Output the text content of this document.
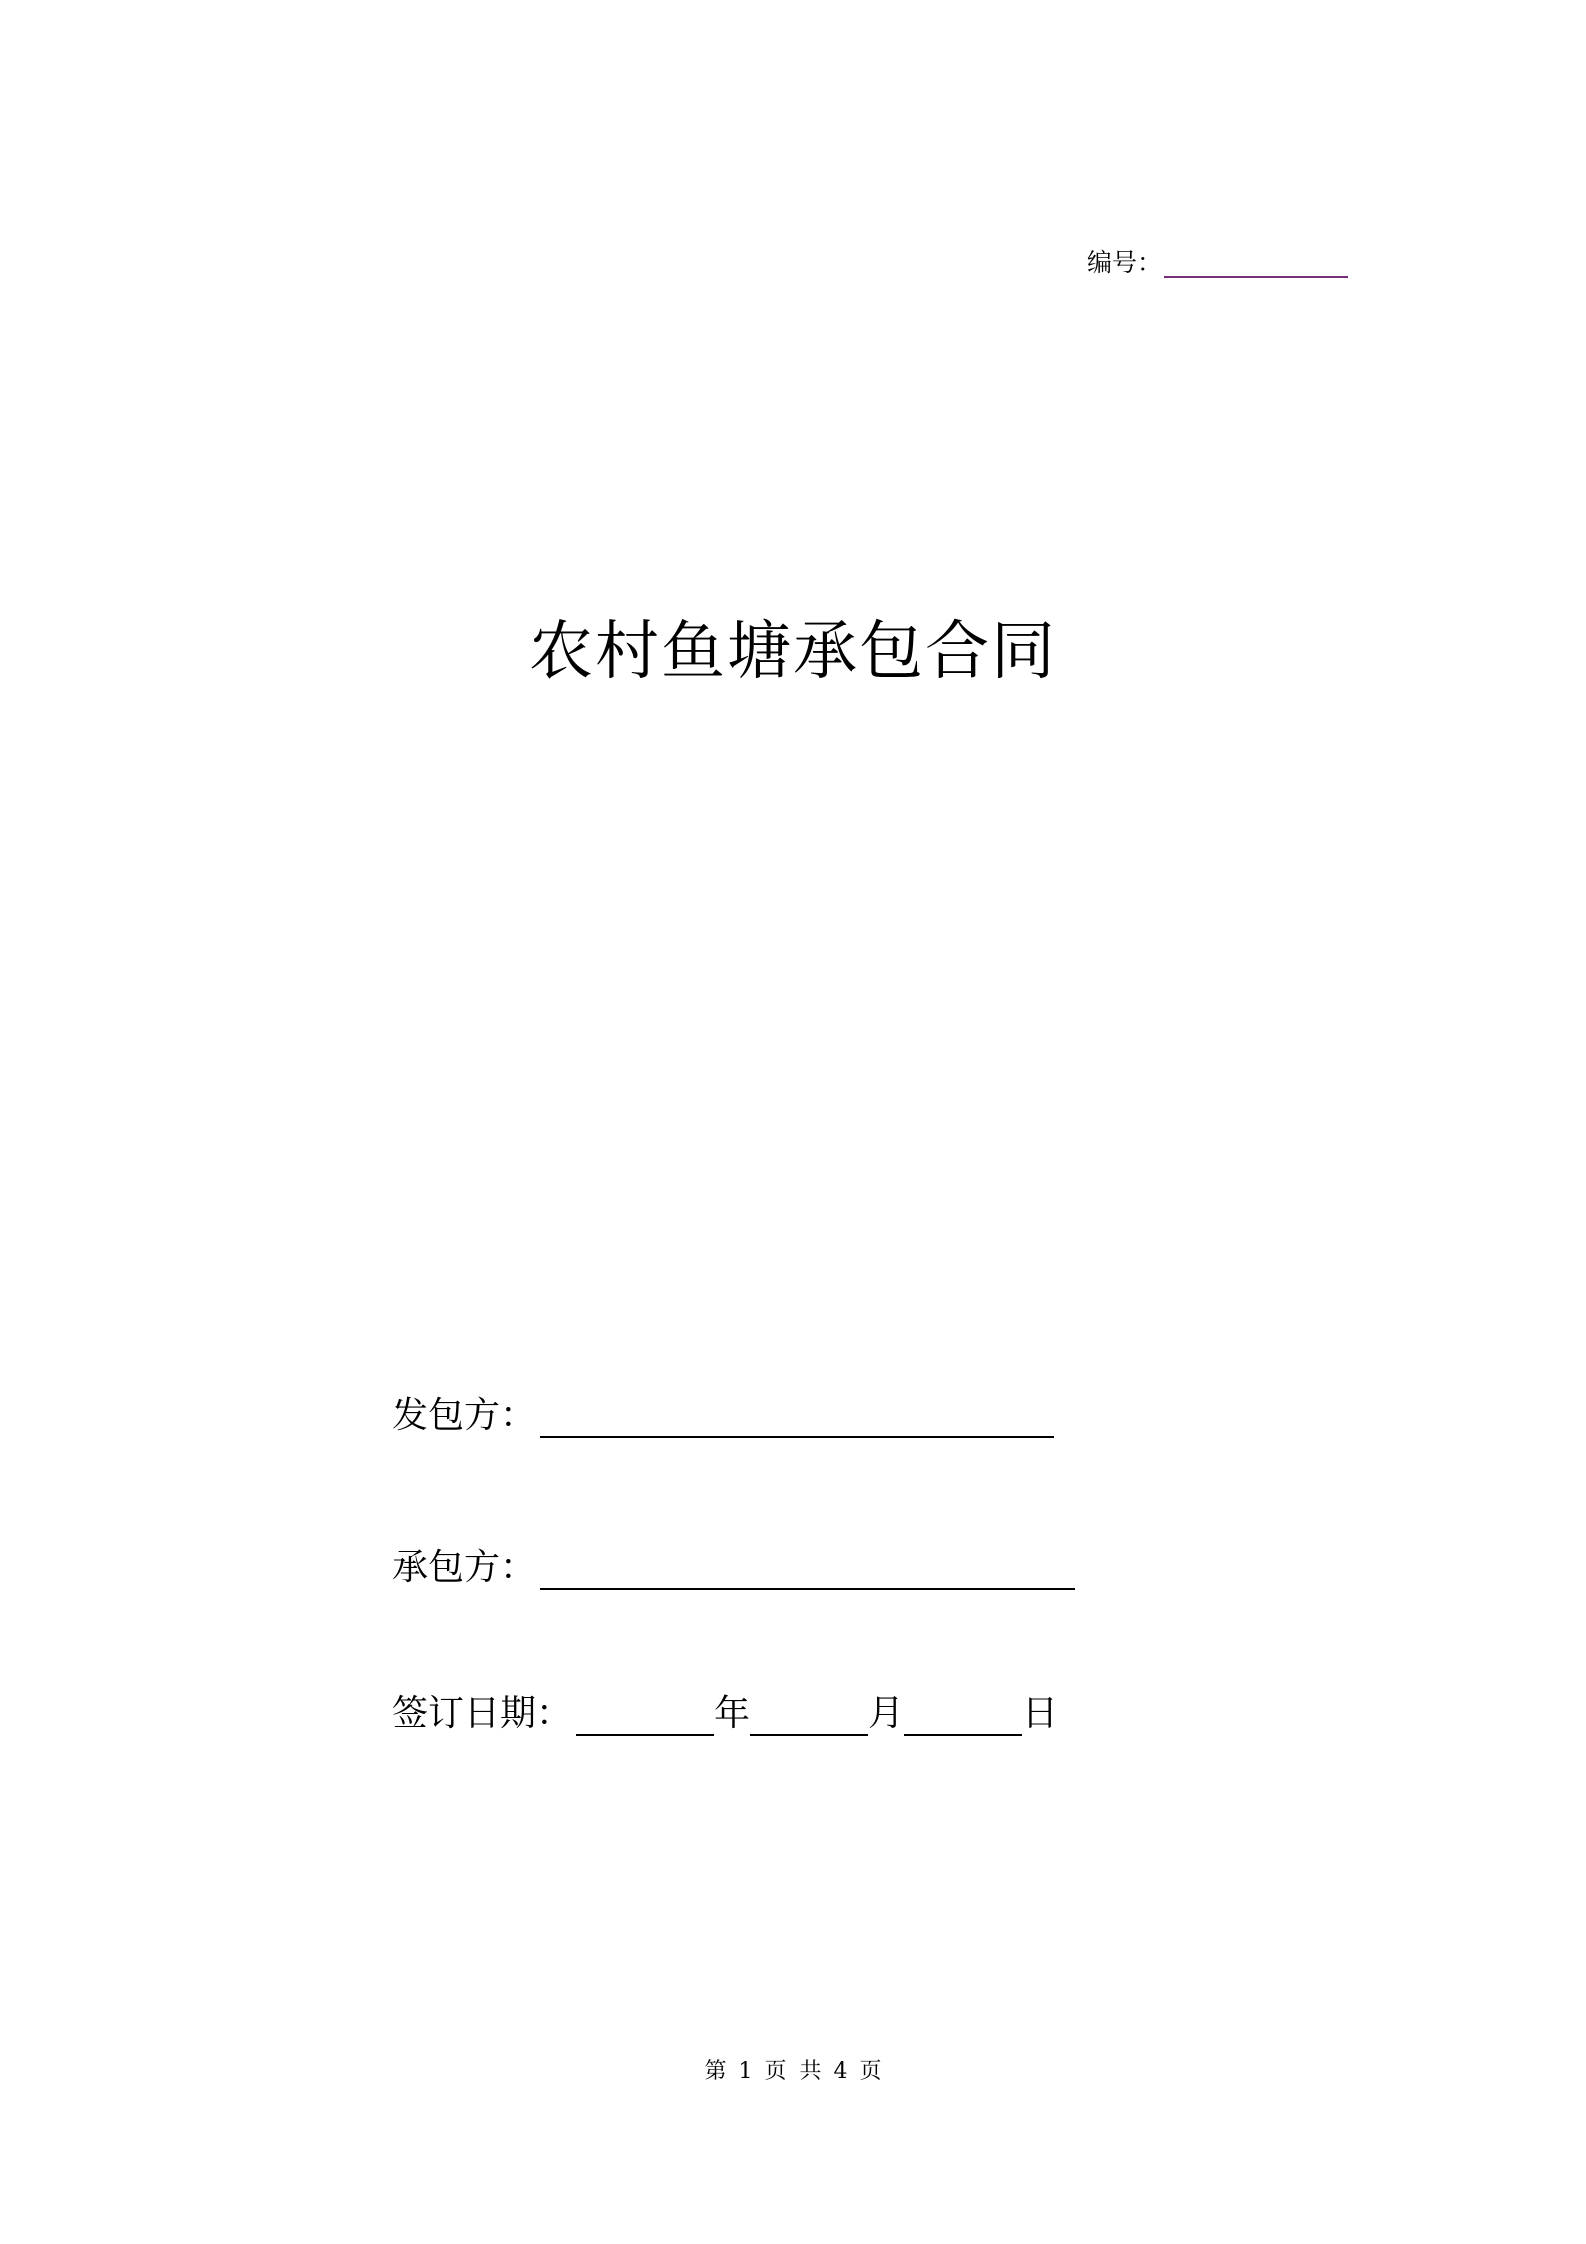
编号：
农村鱼塘承包合同
发包方：
承包方：
签订日期：	年	月	日
第 1 页 共 4 页
